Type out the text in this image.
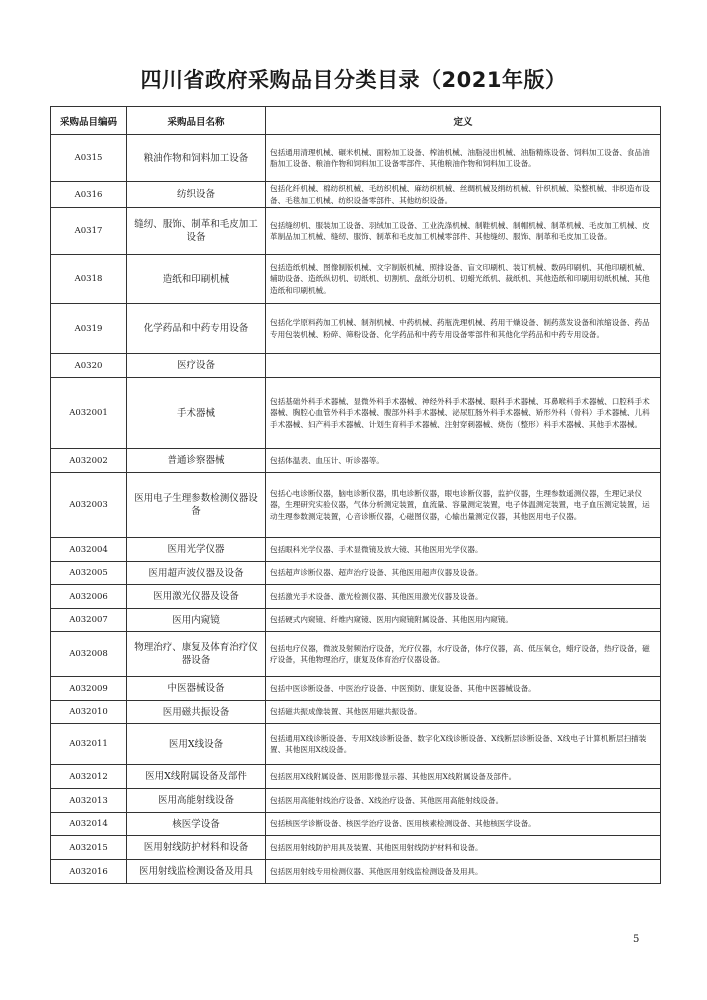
四川省政府采购品目分类目录（2021年版）
采购品目编码	采购品目名称	定义
A0315	粮油作物和饲料加工设备	包括通用清理机械、碾米机械、面粉加工设备、榨油机械、油脂浸出机械、油脂精炼设备、饲料加工设备、食品油脂加工设备、粮油作物和饲料加工设备零部件、其他粮油作物和饲料加工设备。
A0316	纺织设备	包括化纤机械、棉纺织机械、毛纺织机械、麻纺织机械、丝绸机械及绢纺机械、针织机械、染整机械、非织造布设备、毛毯加工机械、纺织设备零部件、其他纺织设备。
A0317	缝纫、服饰、制革和毛皮加工设备	包括缝纫机、服装加工设备、羽绒加工设备、工业洗涤机械、制鞋机械、制帽机械、制革机械、毛皮加工机械、皮革制品加工机械、缝纫、服饰、制革和毛皮加工机械零部件、其他缝纫、服饰、制革和毛皮加工设备。
A0318	造纸和印刷机械	包括造纸机械、图像制版机械、文字制版机械、照排设备、盲文印刷机、装订机械、数码印刷机、其他印刷机械、辅助设备、造纸纵切机、切纸机、切割机、盘纸分切机、切蜡光纸机、裁纸机、其他造纸和印刷用切纸机械、其他造纸和印刷机械。
A0319	化学药品和中药专用设备	包括化学原料药加工机械、制剂机械、中药机械、药瓶洗理机械、药用干燥设备、制药蒸发设备和浓缩设备、药品专用包装机械、粉碎、筛粉设备、化学药品和中药专用设备零部件和其他化学药品和中药专用设备。
A0320	医疗设备	
A032001	手术器械	包括基础外科手术器械、显微外科手术器械、神经外科手术器械、眼科手术器械、耳鼻喉科手术器械、口腔科手术器械、胸腔心血管外科手术器械、腹部外科手术器械、泌尿肛肠外科手术器械、矫形外科（骨科）手术器械、儿科手术器械、妇产科手术器械、计划生育科手术器械、注射穿刺器械、烧伤（整形）科手术器械、其他手术器械。
A032002	普通诊察器械	包括体温表、血压计、听诊器等。
A032003	医用电子生理参数检测仪器设备	包括心电诊断仪器，脑电诊断仪器，肌电诊断仪器，眼电诊断仪器，监护仪器，生理参数遥测仪器，生理记录仪器，生理研究实验仪器，气体分析测定装置，血流量、容量测定装置，电子体温测定装置，电子血压测定装置，运动生理参数测定装置，心音诊断仪器，心磁图仪器，心输出量测定仪器，其他医用电子仪器。
A032004	医用光学仪器	包括眼科光学仪器、手术显微镜及放大镜、其他医用光学仪器。
A032005	医用超声波仪器及设备	包括超声诊断仪器、超声治疗设备、其他医用超声仪器及设备。
A032006	医用激光仪器及设备	包括激光手术设备、激光检测仪器、其他医用激光仪器及设备。
A032007	医用内窥镜	包括硬式内窥镜、纤维内窥镜、医用内窥镜附属设备、其他医用内窥镜。
A032008	物理治疗、康复及体育治疗仪器设备	包括电疗仪器，微波及射频治疗设备，光疗仪器，水疗设备，体疗仪器，高、低压氧仓，蜡疗设备，热疗设备，磁疗设备，其他物理治疗，康复及体育治疗仪器设备。
A032009	中医器械设备	包括中医诊断设备、中医治疗设备、中医预防、康复设备、其他中医器械设备。
A032010	医用磁共振设备	包括磁共振成像装置、其他医用磁共振设备。
A032011	医用X线设备	包括通用X线诊断设备、专用X线诊断设备、数字化X线诊断设备、X线断层诊断设备、X线电子计算机断层扫描装置、其他医用X线设备。
A032012	医用X线附属设备及部件	包括医用X线附属设备、医用影像显示器、其他医用X线附属设备及部件。
A032013	医用高能射线设备	包括医用高能射线治疗设备、X线治疗设备、其他医用高能射线设备。
A032014	核医学设备	包括核医学诊断设备、核医学治疗设备、医用核素检测设备、其他核医学设备。
A032015	医用射线防护材料和设备	包括医用射线防护用具及装置、其他医用射线防护材料和设备。
A032016	医用射线监检测设备及用具	包括医用射线专用检测仪器、其他医用射线监检测设备及用具。
5
